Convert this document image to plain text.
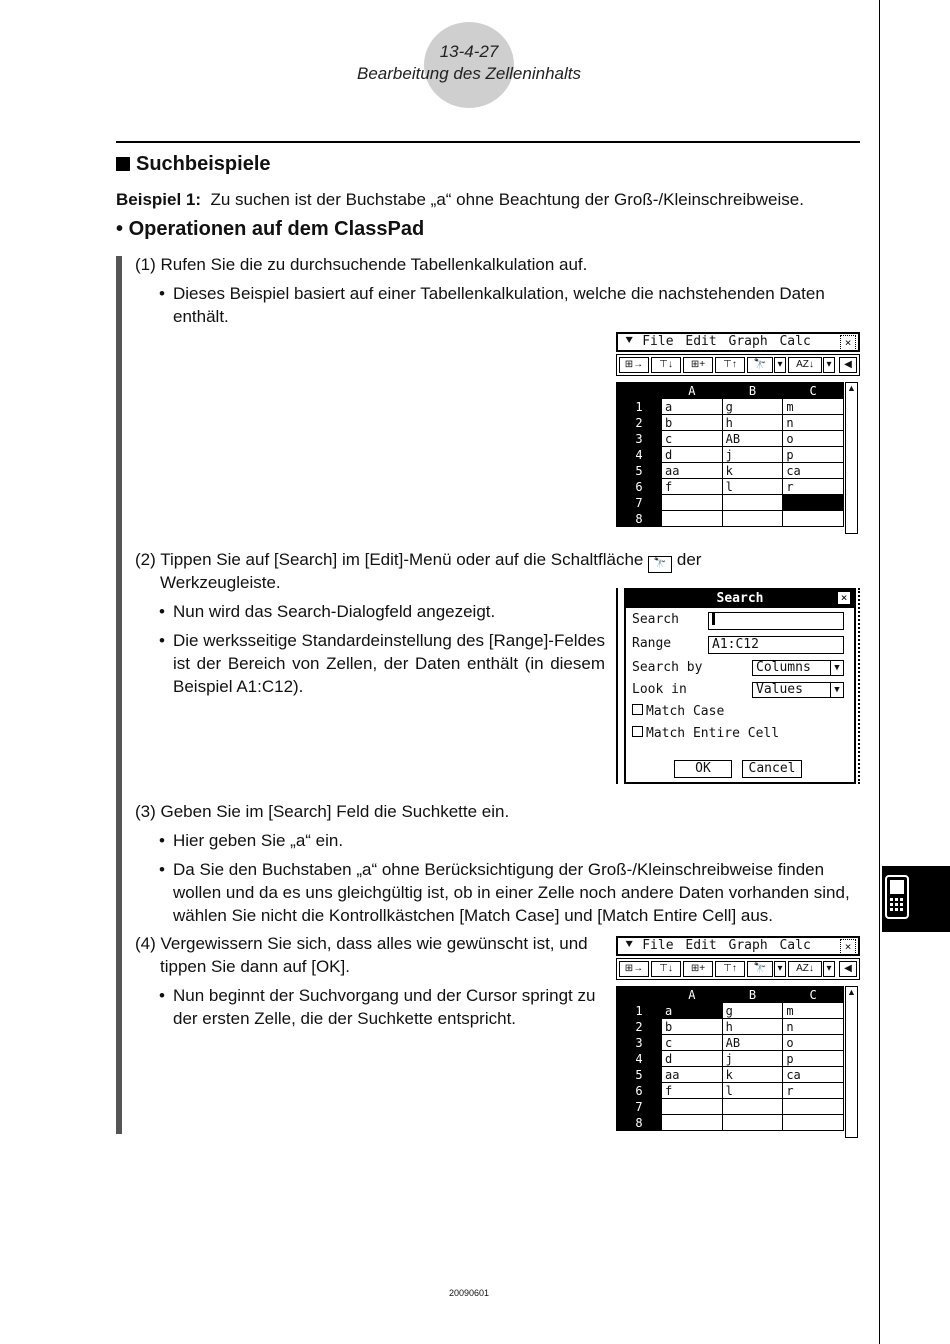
13-4-27
Bearbeitung des Zelleninhalts
Suchbeispiele
Beispiel 1: Zu suchen ist der Buchstabe „a“ ohne Beachtung der Groß-/Kleinschreibweise.
• Operationen auf dem ClassPad
(1) Rufen Sie die zu durchsuchende Tabellenkalkulation auf.
• Dieses Beispiel basiert auf einer Tabellenkalkulation, welche die nachstehenden Daten enthält.
⯆ File Edit Graph Calc	×
⊞→	⊤↓	⊞+	⊤↑	🔭	▾	AZ↓	▾	◀
	A	B	C
1	a	g	m
2	b	h	n
3	c	AB	o
4	d	j	p
5	aa	k	ca
6	f	l	r
7			
8			
▲
(2) Tippen Sie auf [Search] im [Edit]-Menü oder auf die Schaltfläche 🔭 der
Werkzeugleiste.
• Nun wird das Search-Dialogfeld angezeigt.
• Die werksseitige Standardeinstellung des [Range]-Feldes ist der Bereich von Zellen, der Daten enthält (in diesem Beispiel A1:C12).
Search	×
Search
Range	A1:C12
Search by	Columns	▼
Look in	Values	▼
Match Case
Match Entire Cell
OK	Cancel
(3) Geben Sie im [Search] Feld die Suchkette ein.
• Hier geben Sie „a“ ein.
• Da Sie den Buchstaben „a“ ohne Berücksichtigung der Groß-/Kleinschreibweise finden wollen und da es uns gleichgültig ist, ob in einer Zelle noch andere Daten vorhanden sind, wählen Sie nicht die Kontrollkästchen [Match Case] und [Match Entire Cell] aus.
(4) Vergewissern Sie sich, dass alles wie gewünscht ist, und tippen Sie dann auf [OK].
• Nun beginnt der Suchvorgang und der Cursor springt zu der ersten Zelle, die der Suchkette entspricht.
⯆ File Edit Graph Calc	×
⊞→	⊤↓	⊞+	⊤↑	🔭	▾	AZ↓	▾	◀
	A	B	C
1	a	g	m
2	b	h	n
3	c	AB	o
4	d	j	p
5	aa	k	ca
6	f	l	r
7			
8			
▲
20090601
